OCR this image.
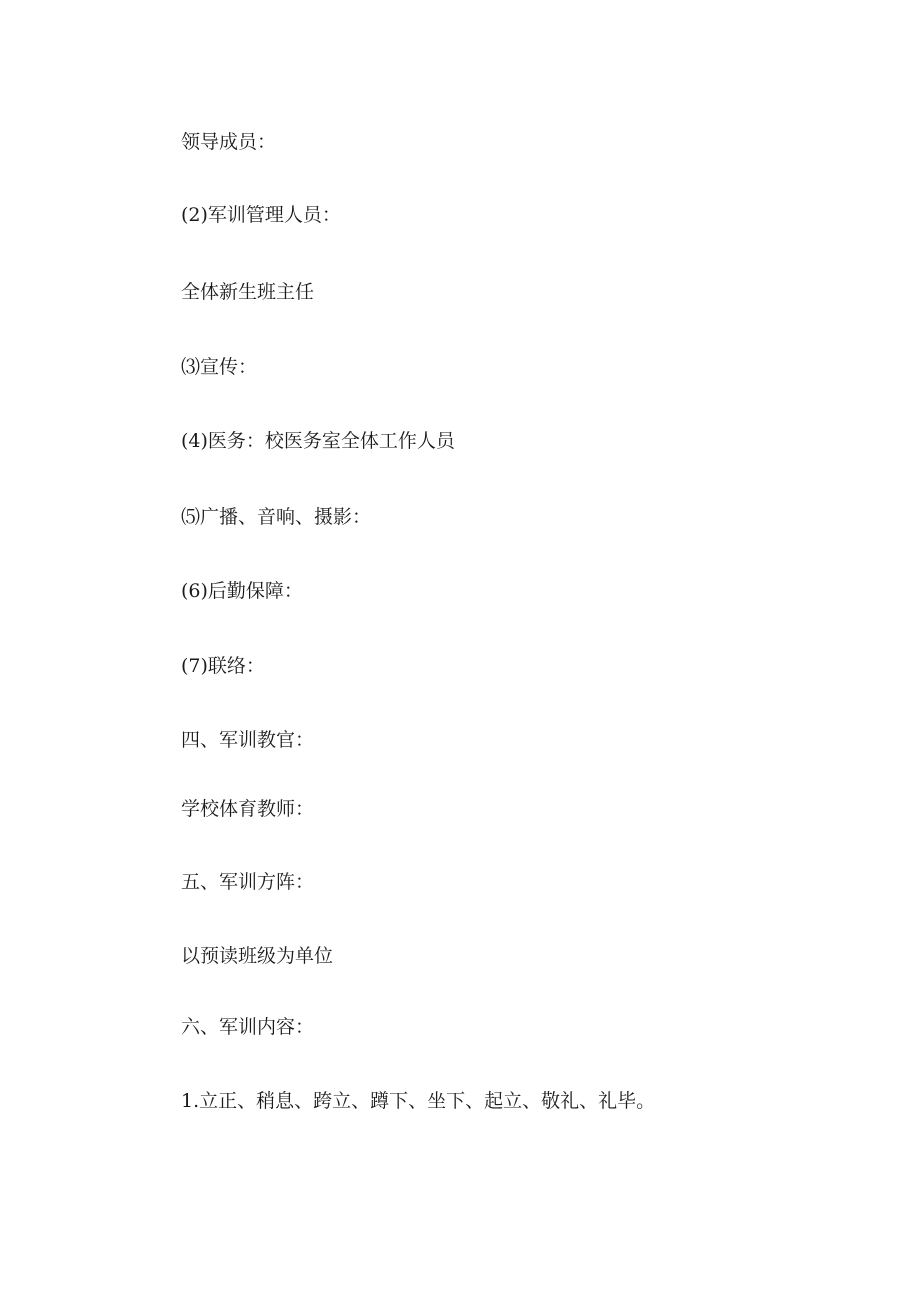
领导成员：

(2)军训管理人员：

全体新生班主任

⑶宣传：

(4)医务：校医务室全体工作人员

⑸广播、音响、摄影：

(6)后勤保障：

(7)联络：

四、军训教官：

学校体育教师：

五、军训方阵：

以预读班级为单位

六、军训内容：

1.立正、稍息、跨立、蹲下、坐下、起立、敬礼、礼毕。
